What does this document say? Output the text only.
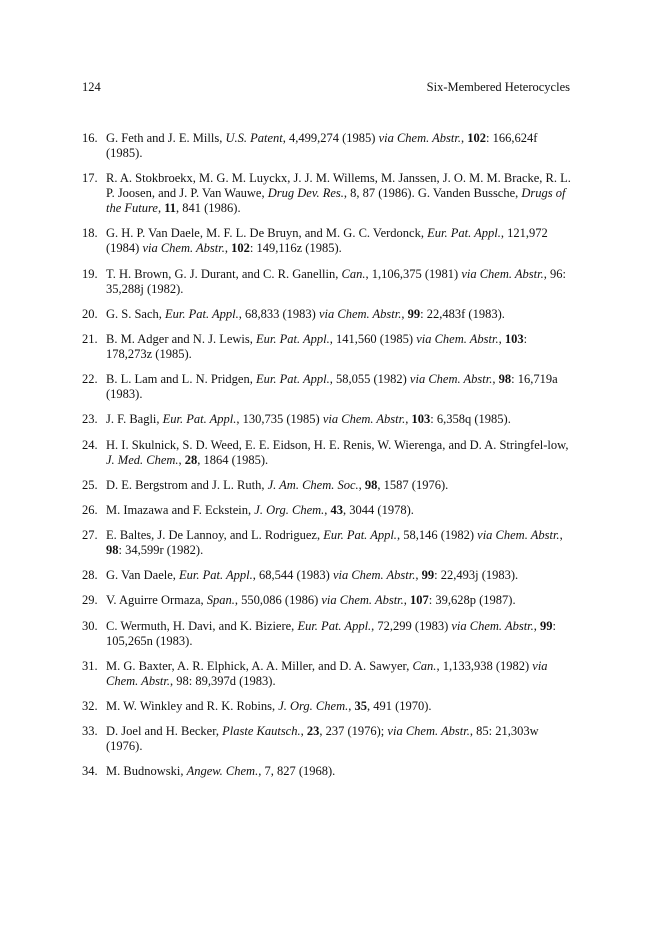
124	Six-Membered Heterocycles
16. G. Feth and J. E. Mills, U.S. Patent, 4,499,274 (1985) via Chem. Abstr., 102: 166,624f (1985).
17. R. A. Stokbroekx, M. G. M. Luyckx, J. J. M. Willems, M. Janssen, J. O. M. M. Bracke, R. L. P. Joosen, and J. P. Van Wauwe, Drug Dev. Res., 8, 87 (1986). G. Vanden Bussche, Drugs of the Future, 11, 841 (1986).
18. G. H. P. Van Daele, M. F. L. De Bruyn, and M. G. C. Verdonck, Eur. Pat. Appl., 121,972 (1984) via Chem. Abstr., 102: 149,116z (1985).
19. T. H. Brown, G. J. Durant, and C. R. Ganellin, Can., 1,106,375 (1981) via Chem. Abstr., 96: 35,288j (1982).
20. G. S. Sach, Eur. Pat. Appl., 68,833 (1983) via Chem. Abstr., 99: 22,483f (1983).
21. B. M. Adger and N. J. Lewis, Eur. Pat. Appl., 141,560 (1985) via Chem. Abstr., 103: 178,273z (1985).
22. B. L. Lam and L. N. Pridgen, Eur. Pat. Appl., 58,055 (1982) via Chem. Abstr., 98: 16,719a (1983).
23. J. F. Bagli, Eur. Pat. Appl., 130,735 (1985) via Chem. Abstr., 103: 6,358q (1985).
24. H. I. Skulnick, S. D. Weed, E. E. Eidson, H. E. Renis, W. Wierenga, and D. A. Stringfel-low, J. Med. Chem., 28, 1864 (1985).
25. D. E. Bergstrom and J. L. Ruth, J. Am. Chem. Soc., 98, 1587 (1976).
26. M. Imazawa and F. Eckstein, J. Org. Chem., 43, 3044 (1978).
27. E. Baltes, J. De Lannoy, and L. Rodriguez, Eur. Pat. Appl., 58,146 (1982) via Chem. Abstr., 98: 34,599r (1982).
28. G. Van Daele, Eur. Pat. Appl., 68,544 (1983) via Chem. Abstr., 99: 22,493j (1983).
29. V. Aguirre Ormaza, Span., 550,086 (1986) via Chem. Abstr., 107: 39,628p (1987).
30. C. Wermuth, H. Davi, and K. Biziere, Eur. Pat. Appl., 72,299 (1983) via Chem. Abstr., 99: 105,265n (1983).
31. M. G. Baxter, A. R. Elphick, A. A. Miller, and D. A. Sawyer, Can., 1,133,938 (1982) via Chem. Abstr., 98: 89,397d (1983).
32. M. W. Winkley and R. K. Robins, J. Org. Chem., 35, 491 (1970).
33. D. Joel and H. Becker, Plaste Kautsch., 23, 237 (1976); via Chem. Abstr., 85: 21,303w (1976).
34. M. Budnowski, Angew. Chem., 7, 827 (1968).
